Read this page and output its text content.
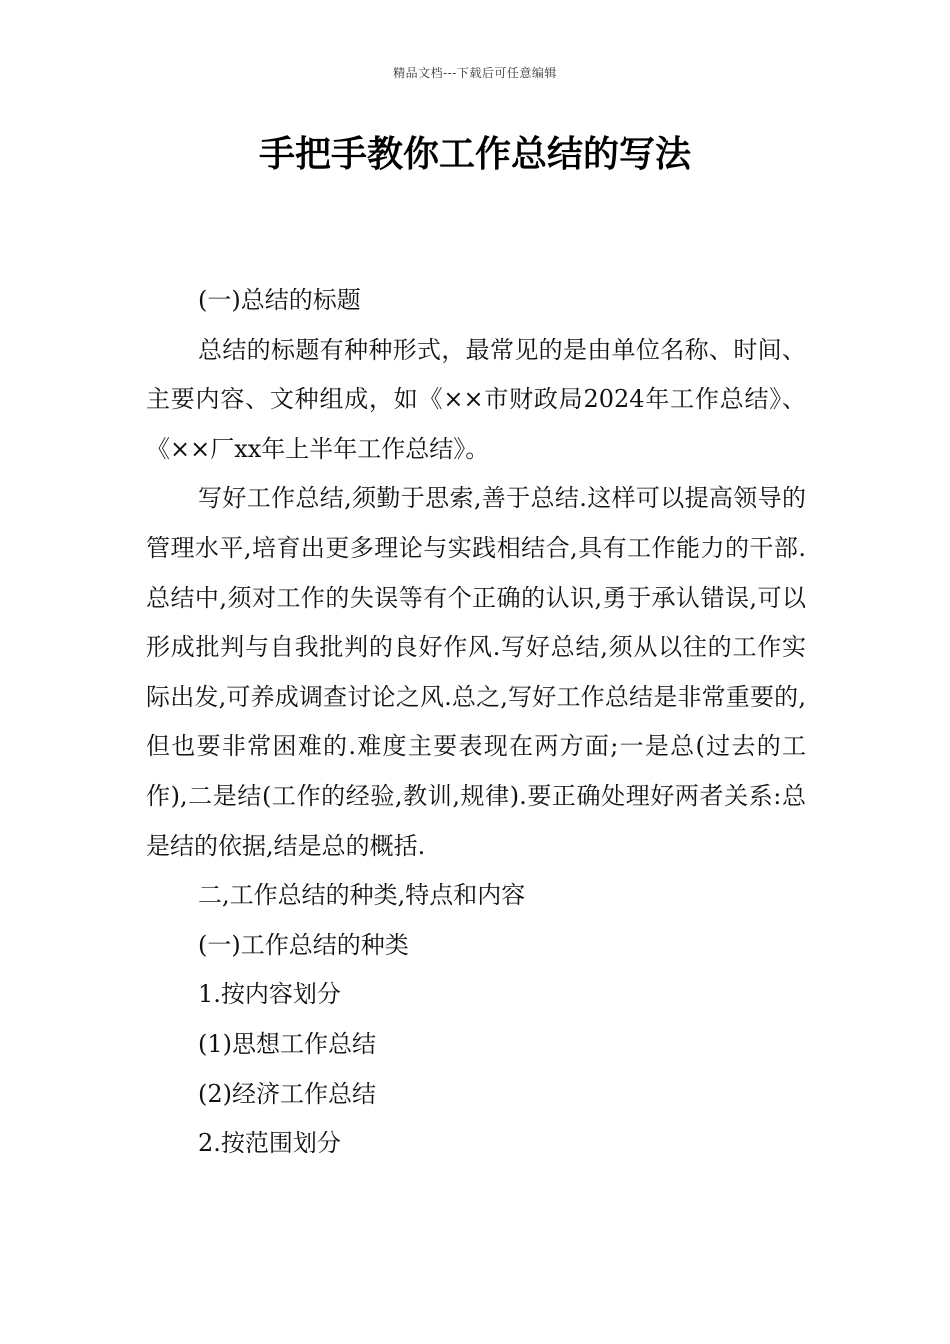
精品文档---下载后可任意编辑
手把手教你工作总结的写法

(一)总结的标题

总结的标题有种种形式，最常见的是由单位名称、时间、主要内容、文种组成，如《××市财政局2024年工作总结》、《××厂xx年上半年工作总结》。

写好工作总结,须勤于思索,善于总结.这样可以提高领导的管理水平,培育出更多理论与实践相结合,具有工作能力的干部.总结中,须对工作的失误等有个正确的认识,勇于承认错误,可以形成批判与自我批判的良好作风.写好总结,须从以往的工作实际出发,可养成调查讨论之风.总之,写好工作总结是非常重要的,但也要非常困难的.难度主要表现在两方面;一是总(过去的工作),二是结(工作的经验,教训,规律).要正确处理好两者关系:总是结的依据,结是总的概括.

二,工作总结的种类,特点和内容

(一)工作总结的种类

1.按内容划分

(1)思想工作总结

(2)经济工作总结

2.按范围划分
